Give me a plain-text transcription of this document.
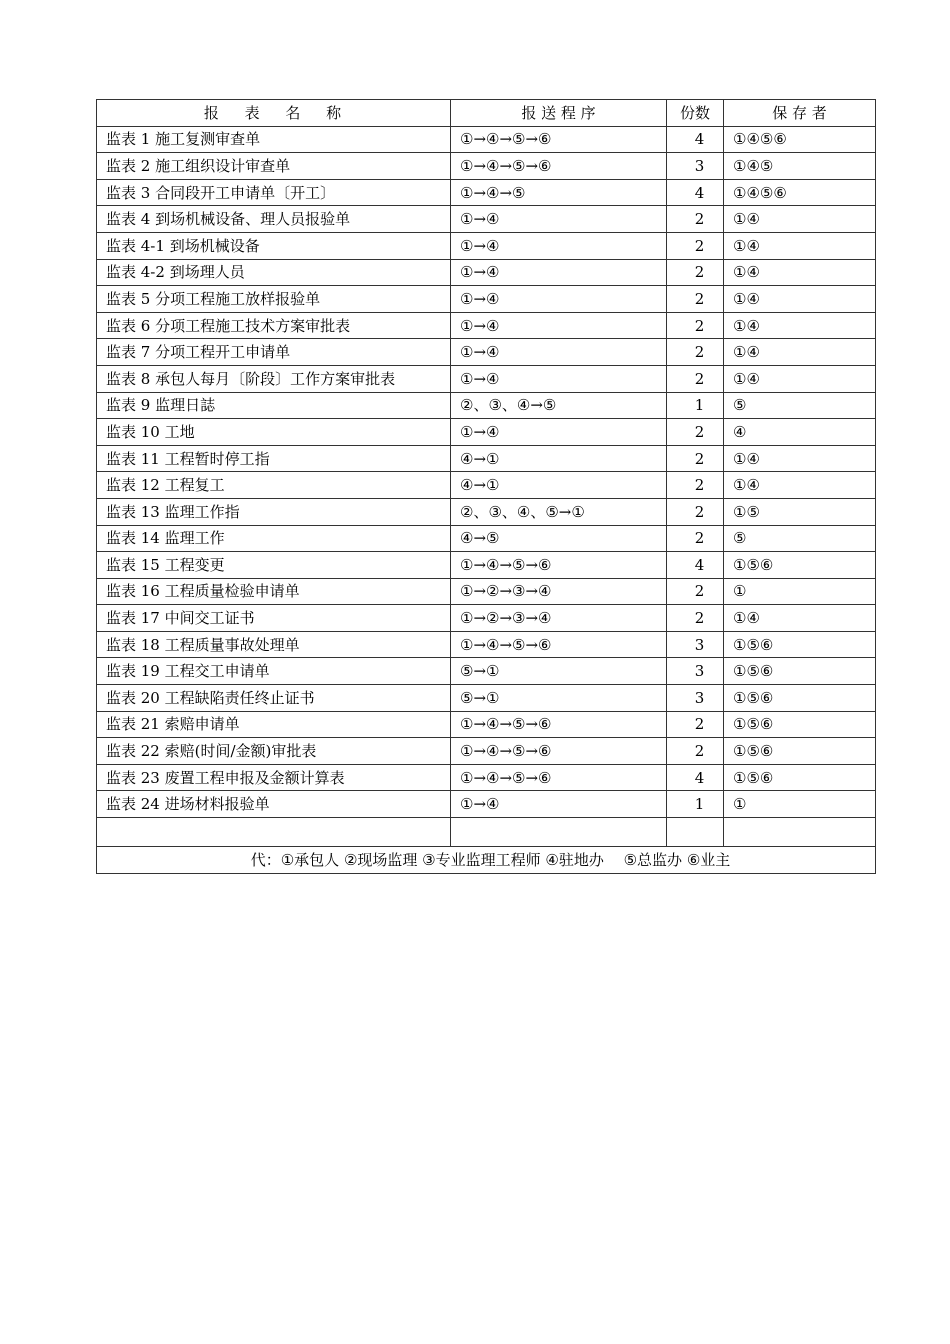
报　 表　 名　 称	报 送 程 序	份数	保 存 者
监表 1 施工复测审查单	①→④→⑤→⑥	4	①④⑤⑥
监表 2 施工组织设计审查单	①→④→⑤→⑥	3	①④⑤
监表 3 合同段开工申请单〔开工〕	①→④→⑤	4	①④⑤⑥
监表 4 到场机械设备、理人员报验单	①→④	2	①④
监表 4-1 到场机械设备	①→④	2	①④
监表 4-2 到场理人员	①→④	2	①④
监表 5 分项工程施工放样报验单	①→④	2	①④
监表 6 分项工程施工技术方案审批表	①→④	2	①④
监表 7 分项工程开工申请单	①→④	2	①④
监表 8 承包人每月〔阶段〕工作方案审批表	①→④	2	①④
监表 9 监理日誌	②、③、④→⑤	1	⑤
监表 10 工地	①→④	2	④
监表 11 工程暂时停工指	④→①	2	①④
监表 12 工程复工	④→①	2	①④
监表 13 监理工作指	②、③、④、⑤→①	2	①⑤
监表 14 监理工作	④→⑤	2	⑤
监表 15 工程变更	①→④→⑤→⑥	4	①⑤⑥
监表 16 工程质量检验申请单	①→②→③→④	2	①
监表 17 中间交工证书	①→②→③→④	2	①④
监表 18 工程质量事故处理单	①→④→⑤→⑥	3	①⑤⑥
监表 19 工程交工申请单	⑤→①	3	①⑤⑥
监表 20 工程缺陷责任终止证书	⑤→①	3	①⑤⑥
监表 21 索赔申请单	①→④→⑤→⑥	2	①⑤⑥
监表 22 索赔(时间/金额)审批表	①→④→⑤→⑥	2	①⑤⑥
监表 23 废置工程申报及金额计算表	①→④→⑤→⑥	4	①⑤⑥
监表 24 进场材料报验单	①→④	1	①

代：①承包人 ②现场监理 ③专业监理工程师 ④驻地办　 ⑤总监办 ⑥业主			
